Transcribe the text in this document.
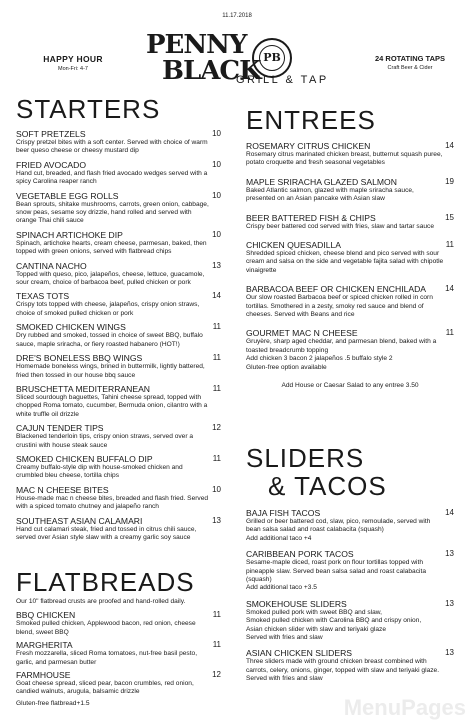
11.17.2018
HAPPY HOUR
Mon-Fri: 4-7
PENNY
BLACK PB
GRILL & TAP
24 ROTATING TAPS
Craft Beer & Cider
STARTERS
SOFT PRETZELS	10
Crispy pretzel bites with a soft center. Served with choice of warm beer queso cheese or cheesy mustard dip
FRIED AVOCADO	10
Hand cut, breaded, and flash fried avocado wedges served with a spicy Carolina reaper ranch
VEGETABLE EGG ROLLS	10
Bean sprouts, shitake mushrooms, carrots, green onion, cabbage, snow peas, sesame soy drizzle, hand rolled and served with orange Thai chili sauce
SPINACH ARTICHOKE DIP	10
Spinach, artichoke hearts, cream cheese, parmesan, baked, then topped with green onions, served with flatbread chips
CANTINA NACHO	13
Topped with queso, pico, jalapeños, cheese, lettuce, guacamole, sour cream, choice of barbacoa beef, pulled chicken or pork
TEXAS TOTS	14
Crispy tots topped with cheese, jalapeños, crispy onion straws, choice of smoked pulled chicken or pork
SMOKED CHICKEN WINGS	11
Dry rubbed and smoked, tossed in choice of sweet BBQ, buffalo sauce, maple sriracha, or fiery roasted habanero (HOT!)
DRE'S BONELESS BBQ WINGS	11
Homemade boneless wings, brined in buttermilk, lightly battered, fried then tossed in our house bbq sauce
BRUSCHETTA MEDITERRANEAN	11
Sliced sourdough baguettes, Tahini cheese spread, topped with chopped Roma tomato, cucumber, Bermuda onion, cilantro with a white truffle oil drizzle
CAJUN TENDER TIPS	12
Blackened tenderloin tips, crispy onion straws, served over a crustini with house steak sauce
SMOKED CHICKEN BUFFALO DIP	11
Creamy buffalo-style dip with house-smoked chicken and crumbled bleu cheese, tortilla chips
MAC N CHEESE BITES	10
House-made mac n cheese bites, breaded and flash fried. Served with a spiced tomato chutney and jalapeño ranch
SOUTHEAST ASIAN CALAMARI	13
Hand cut calamari steak, fried and tossed in citrus chili sauce, served over Asian style slaw with a creamy garlic soy sauce
FLATBREADS
Our 10" flatbread crusts are proofed and hand-rolled daily.
BBQ CHICKEN	11
Smoked pulled chicken, Applewood bacon, red onion, cheese blend, sweet BBQ
MARGHERITA	11
Fresh mozzarella, sliced Roma tomatoes, nut-free basil pesto, garlic, and parmesan butter
FARMHOUSE	12
Goat cheese spread, sliced pear, bacon crumbles, red onion, candied walnuts, arugula, balsamic drizzle
Gluten-free flatbread+1.5
ENTREES
ROSEMARY CITRUS CHICKEN	14
Rosemary citrus marinated chicken breast, butternut squash puree, potato croquette and fresh seasonal vegetables
MAPLE SRIRACHA GLAZED SALMON	19
Baked Atlantic salmon, glazed with maple sriracha sauce, presented on an Asian pancake with Asian slaw
BEER BATTERED FISH & CHIPS	15
Crispy beer battered cod served with fries, slaw and tartar sauce
CHICKEN QUESADILLA	11
Shredded spiced chicken, cheese blend and pico served with sour cream and salsa on the side and vegetable fajita salad with chipotle vinaigrette
BARBACOA BEEF OR CHICKEN ENCHILADA	14
Our slow roasted Barbacoa beef or spiced chicken rolled in corn tortillas. Smothered in a zesty, smoky red sauce and blend of cheeses. Served with Beans and rice
GOURMET MAC N CHEESE	11
Gruyère, sharp aged cheddar, and parmesan blend, baked with a toasted breadcrumb topping
Add chicken 3 bacon 2 jalapeños .5 buffalo style 2
Gluten-free option available
Add House or Caesar Salad to any entree 3.50
SLIDERS
& TACOS
BAJA FISH TACOS	14
Grilled or beer battered cod, slaw, pico, remoulade, served with bean salsa salad and roast calabacita (squash)
Add additional taco +4
CARIBBEAN PORK TACOS	13
Sesame-maple diced, roast pork on flour tortillas topped with pineapple slaw. Served bean salsa salad and roast calabacita (squash)
Add additional taco +3.5
SMOKEHOUSE SLIDERS	13
Smoked pulled pork with sweet BBQ and slaw,
Smoked pulled chicken with Carolina BBQ and crispy onion,
Asian chicken slider with slaw and teriyaki glaze
Served with fries and slaw
ASIAN CHICKEN SLIDERS	13
Three sliders made with ground chicken breast combined with carrots, celery, onions, ginger, topped with slaw and teriyaki glaze. Served with fries and slaw
MenuPages
